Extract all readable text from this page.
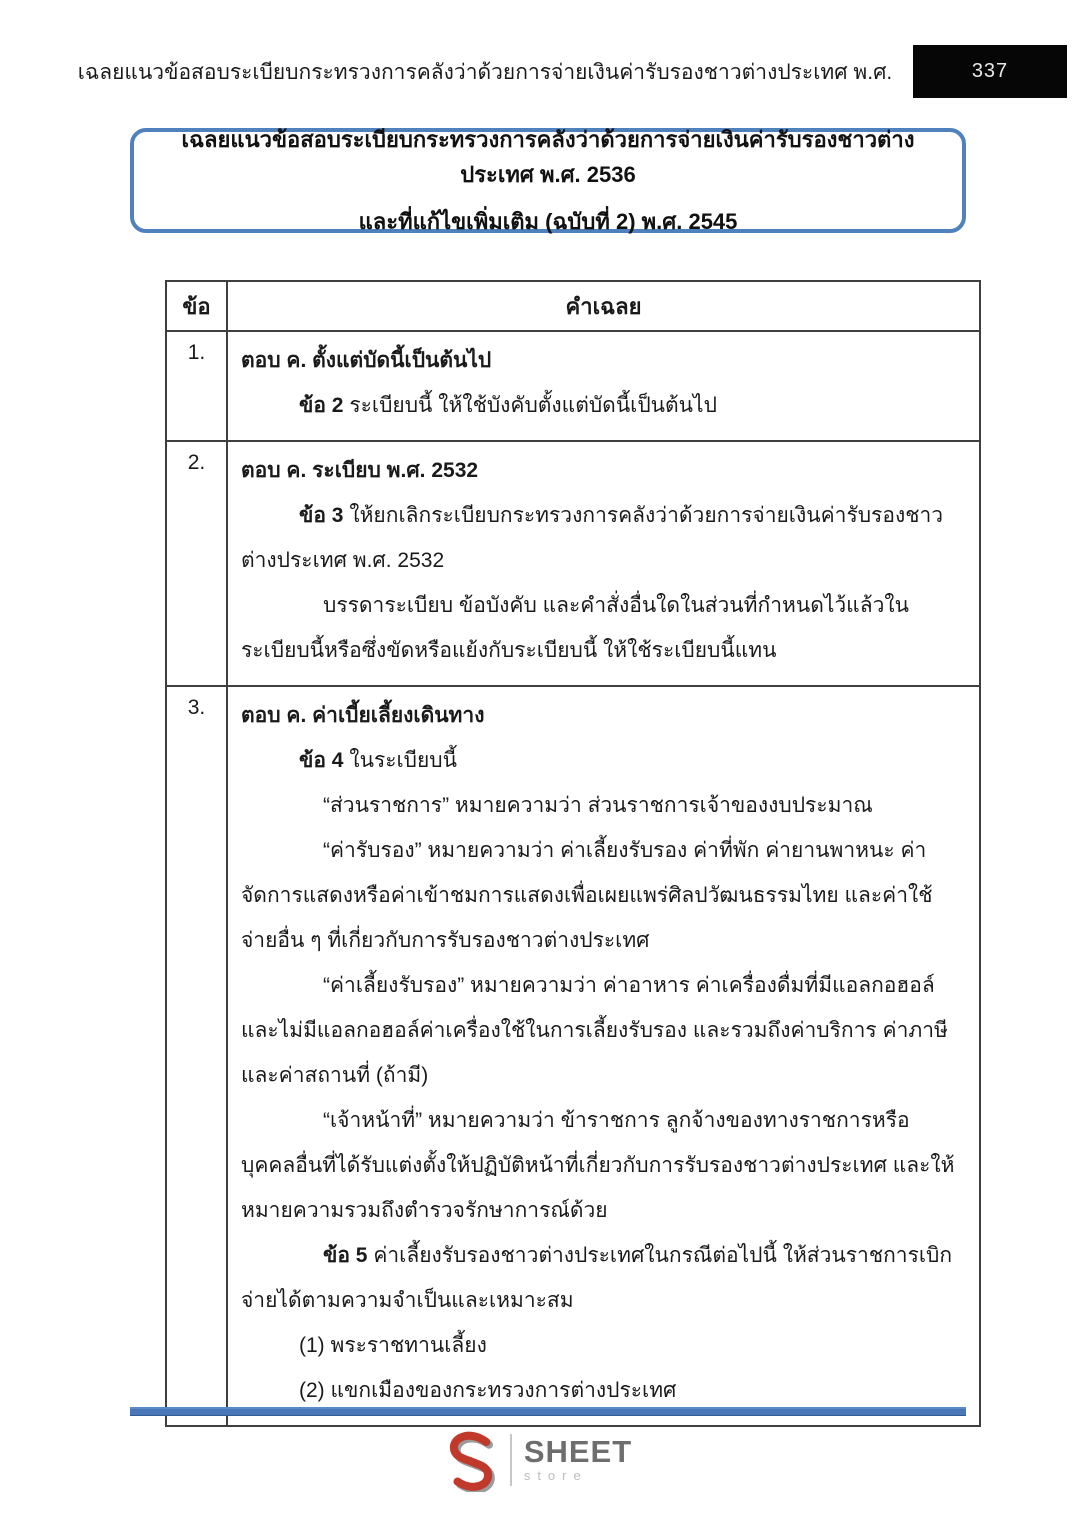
เฉลยแนวข้อสอบระเบียบกระทรวงการคลังว่าด้วยการจ่ายเงินค่ารับรองชาวต่างประเทศ พ.ศ.	337
เฉลยแนวข้อสอบระเบียบกระทรวงการคลังว่าด้วยการจ่ายเงินค่ารับรองชาวต่างประเทศ พ.ศ. 2536
และที่แก้ไขเพิ่มเติม (ฉบับที่ 2) พ.ศ. 2545
ข้อ	คำเฉลย
1.	ตอบ ค. ตั้งแต่บัดนี้เป็นต้นไป
ข้อ 2 ระเบียบนี้ ให้ใช้บังคับตั้งแต่บัดนี้เป็นต้นไป

2.	ตอบ ค. ระเบียบ พ.ศ. 2532
ข้อ 3 ให้ยกเลิกระเบียบกระทรวงการคลังว่าด้วยการจ่ายเงินค่ารับรองชาวต่างประเทศ พ.ศ. 2532
บรรดาระเบียบ ข้อบังคับ และคำสั่งอื่นใดในส่วนที่กำหนดไว้แล้วในระเบียบนี้หรือซึ่งขัดหรือแย้งกับระเบียบนี้ ให้ใช้ระเบียบนี้แทน

3.	ตอบ ค. ค่าเบี้ยเลี้ยงเดินทาง
ข้อ 4 ในระเบียบนี้
“ส่วนราชการ” หมายความว่า ส่วนราชการเจ้าของงบประมาณ
“ค่ารับรอง” หมายความว่า ค่าเลี้ยงรับรอง ค่าที่พัก ค่ายานพาหนะ ค่าจัดการแสดงหรือค่าเข้าชมการแสดงเพื่อเผยแพร่ศิลปวัฒนธรรมไทย และค่าใช้จ่ายอื่น ๆ ที่เกี่ยวกับการรับรองชาวต่างประเทศ
“ค่าเลี้ยงรับรอง” หมายความว่า ค่าอาหาร ค่าเครื่องดื่มที่มีแอลกอฮอล์และไม่มีแอลกอฮอล์ค่าเครื่องใช้ในการเลี้ยงรับรอง และรวมถึงค่าบริการ ค่าภาษี และค่าสถานที่ (ถ้ามี)
“เจ้าหน้าที่” หมายความว่า ข้าราชการ ลูกจ้างของทางราชการหรือบุคคลอื่นที่ได้รับแต่งตั้งให้ปฏิบัติหน้าที่เกี่ยวกับการรับรองชาวต่างประเทศ และให้หมายความรวมถึงตำรวจรักษาการณ์ด้วย
ข้อ 5 ค่าเลี้ยงรับรองชาวต่างประเทศในกรณีต่อไปนี้ ให้ส่วนราชการเบิกจ่ายได้ตามความจำเป็นและเหมาะสม
(1) พระราชทานเลี้ยง
(2) แขกเมืองของกระทรวงการต่างประเทศ
SHEET
store
